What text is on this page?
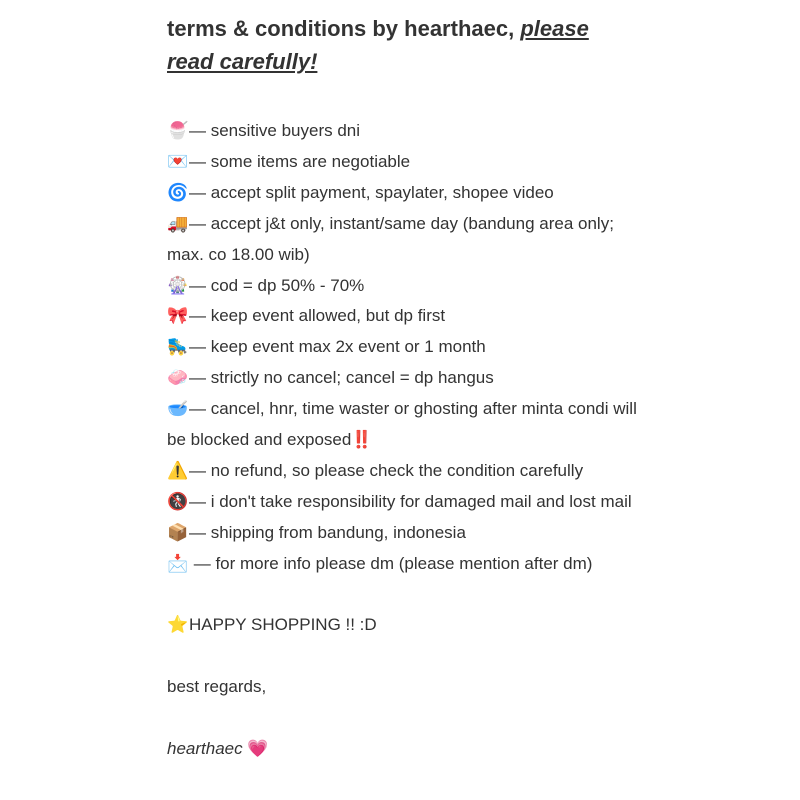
terms & conditions by hearthaec, please read carefully!
🍧— sensitive buyers dni
💌— some items are negotiable
🌀— accept split payment, spaylater, shopee video
🚚— accept j&t only, instant/same day (bandung area only; max. co 18.00 wib)
🎡— cod = dp 50% - 70%
🎀— keep event allowed, but dp first
🛼— keep event max 2x event or 1 month
🧼— strictly no cancel; cancel = dp hangus
🥣— cancel, hnr, time waster or ghosting after minta condi will be blocked and exposed‼️
⚠️— no refund, so please check the condition carefully
🚷— i don't take responsibility for damaged mail and lost mail
📦— shipping from bandung, indonesia
📩 — for more info please dm (please mention after dm)
⭐️HAPPY SHOPPING !! :D
best regards,
hearthaec 💗
